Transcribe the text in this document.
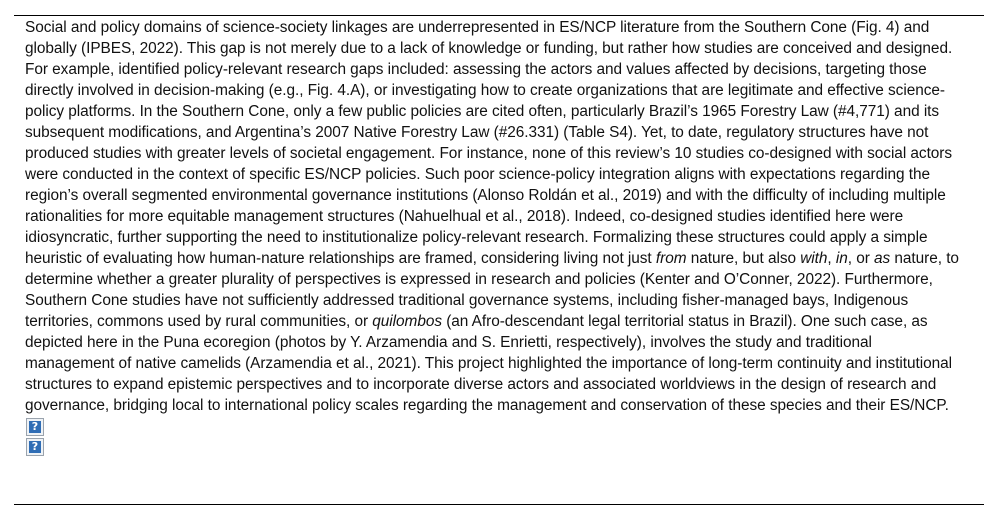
Social and policy domains of science-society linkages are underrepresented in ES/NCP literature from the Southern Cone (Fig. 4) and globally (IPBES, 2022). This gap is not merely due to a lack of knowledge or funding, but rather how studies are conceived and designed. For example, identified policy-relevant research gaps included: assessing the actors and values affected by decisions, targeting those directly involved in decision-making (e.g., Fig. 4.A), or investigating how to create organizations that are legitimate and effective science-policy platforms. In the Southern Cone, only a few public policies are cited often, particularly Brazil’s 1965 Forestry Law (#4,771) and its subsequent modifications, and Argentina’s 2007 Native Forestry Law (#26.331) (Table S4). Yet, to date, regulatory structures have not produced studies with greater levels of societal engagement. For instance, none of this review’s 10 studies co-designed with social actors were conducted in the context of specific ES/NCP policies. Such poor science-policy integration aligns with expectations regarding the region’s overall segmented environmental governance institutions (Alonso Roldán et al., 2019) and with the difficulty of including multiple rationalities for more equitable management structures (Nahuelhual et al., 2018). Indeed, co-designed studies identified here were idiosyncratic, further supporting the need to institutionalize policy-relevant research. Formalizing these structures could apply a simple heuristic of evaluating how human-nature relationships are framed, considering living not just from nature, but also with, in, or as nature, to determine whether a greater plurality of perspectives is expressed in research and policies (Kenter and O’Conner, 2022). Furthermore, Southern Cone studies have not sufficiently addressed traditional governance systems, including fisher-managed bays, Indigenous territories, commons used by rural communities, or quilombos (an Afro-descendant legal territorial status in Brazil). One such case, as depicted here in the Puna ecoregion (photos by Y. Arzamendia and S. Enrietti, respectively), involves the study and traditional management of native camelids (Arzamendia et al., 2021). This project highlighted the importance of long-term continuity and institutional structures to expand epistemic perspectives and to incorporate diverse actors and associated worldviews in the design of research and governance, bridging local to international policy scales regarding the management and conservation of these species and their ES/NCP.

?
?
